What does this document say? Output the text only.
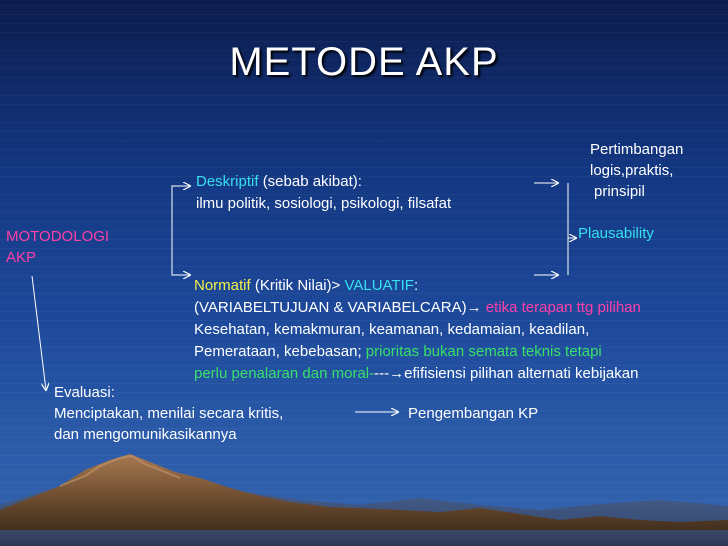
METODE AKP
MOTODOLOGI
AKP
Deskriptif (sebab akibat):
ilmu politik, sosiologi, psikologi, filsafat
Pertimbangan
logis,praktis,
prinsipil
Plausability
Normatif (Kritik Nilai)> VALUATIF:
(VARIABELTUJUAN & VARIABELCARA)→ etika terapan ttg pilihan
Kesehatan, kemakmuran, keamanan, kedamaian, keadilan,
Pemerataan, kebebasan; prioritas bukan semata teknis tetapi
perlu penalaran dan moral----→efifisiensi pilihan alternati kebijakan
Evaluasi:
Menciptakan, menilai secara kritis,
dan mengomunikasikannya
Pengembangan KP
